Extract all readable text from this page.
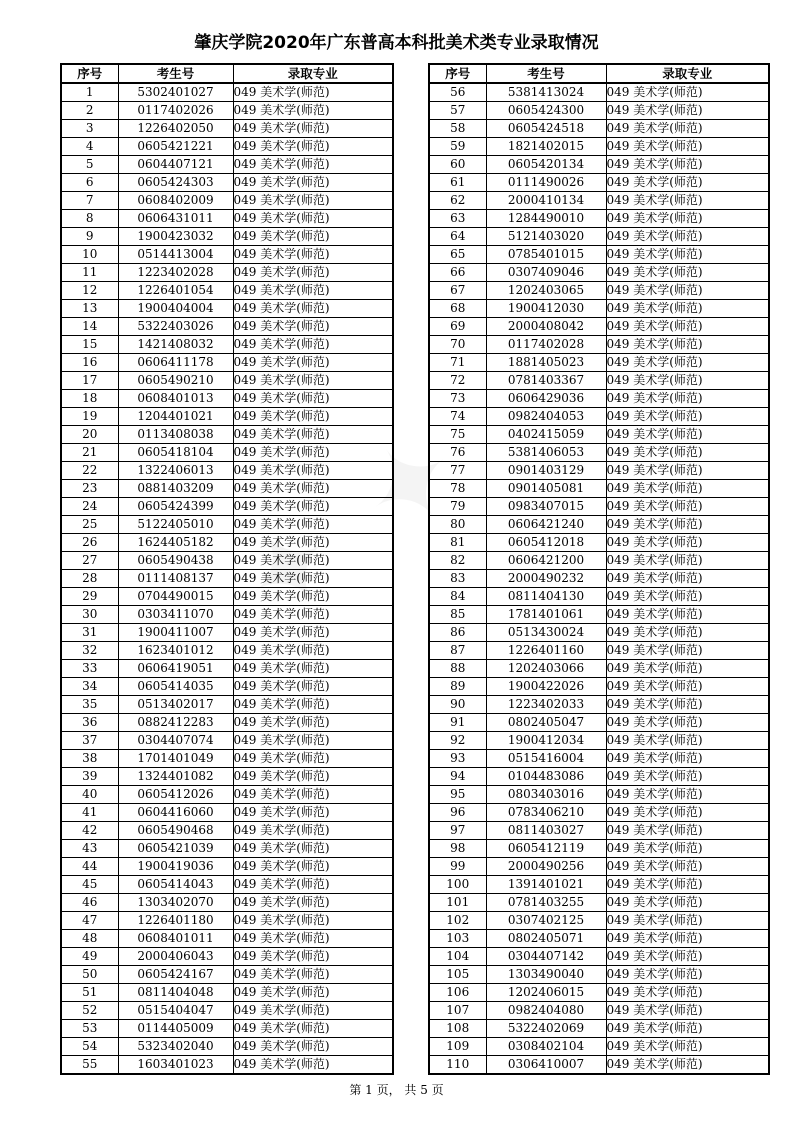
肇庆学院2020年广东普高本科批美术类专业录取情况
序号	考生号	录取专业
1	5302401027	049 美术学(师范)
2	0117402026	049 美术学(师范)
3	1226402050	049 美术学(师范)
4	0605421221	049 美术学(师范)
5	0604407121	049 美术学(师范)
6	0605424303	049 美术学(师范)
7	0608402009	049 美术学(师范)
8	0606431011	049 美术学(师范)
9	1900423032	049 美术学(师范)
10	0514413004	049 美术学(师范)
11	1223402028	049 美术学(师范)
12	1226401054	049 美术学(师范)
13	1900404004	049 美术学(师范)
14	5322403026	049 美术学(师范)
15	1421408032	049 美术学(师范)
16	0606411178	049 美术学(师范)
17	0605490210	049 美术学(师范)
18	0608401013	049 美术学(师范)
19	1204401021	049 美术学(师范)
20	0113408038	049 美术学(师范)
21	0605418104	049 美术学(师范)
22	1322406013	049 美术学(师范)
23	0881403209	049 美术学(师范)
24	0605424399	049 美术学(师范)
25	5122405010	049 美术学(师范)
26	1624405182	049 美术学(师范)
27	0605490438	049 美术学(师范)
28	0111408137	049 美术学(师范)
29	0704490015	049 美术学(师范)
30	0303411070	049 美术学(师范)
31	1900411007	049 美术学(师范)
32	1623401012	049 美术学(师范)
33	0606419051	049 美术学(师范)
34	0605414035	049 美术学(师范)
35	0513402017	049 美术学(师范)
36	0882412283	049 美术学(师范)
37	0304407074	049 美术学(师范)
38	1701401049	049 美术学(师范)
39	1324401082	049 美术学(师范)
40	0605412026	049 美术学(师范)
41	0604416060	049 美术学(师范)
42	0605490468	049 美术学(师范)
43	0605421039	049 美术学(师范)
44	1900419036	049 美术学(师范)
45	0605414043	049 美术学(师范)
46	1303402070	049 美术学(师范)
47	1226401180	049 美术学(师范)
48	0608401011	049 美术学(师范)
49	2000406043	049 美术学(师范)
50	0605424167	049 美术学(师范)
51	0811404048	049 美术学(师范)
52	0515404047	049 美术学(师范)
53	0114405009	049 美术学(师范)
54	5323402040	049 美术学(师范)
55	1603401023	049 美术学(师范)
序号	考生号	录取专业
56	5381413024	049 美术学(师范)
57	0605424300	049 美术学(师范)
58	0605424518	049 美术学(师范)
59	1821402015	049 美术学(师范)
60	0605420134	049 美术学(师范)
61	0111490026	049 美术学(师范)
62	2000410134	049 美术学(师范)
63	1284490010	049 美术学(师范)
64	5121403020	049 美术学(师范)
65	0785401015	049 美术学(师范)
66	0307409046	049 美术学(师范)
67	1202403065	049 美术学(师范)
68	1900412030	049 美术学(师范)
69	2000408042	049 美术学(师范)
70	0117402028	049 美术学(师范)
71	1881405023	049 美术学(师范)
72	0781403367	049 美术学(师范)
73	0606429036	049 美术学(师范)
74	0982404053	049 美术学(师范)
75	0402415059	049 美术学(师范)
76	5381406053	049 美术学(师范)
77	0901403129	049 美术学(师范)
78	0901405081	049 美术学(师范)
79	0983407015	049 美术学(师范)
80	0606421240	049 美术学(师范)
81	0605412018	049 美术学(师范)
82	0606421200	049 美术学(师范)
83	2000490232	049 美术学(师范)
84	0811404130	049 美术学(师范)
85	1781401061	049 美术学(师范)
86	0513430024	049 美术学(师范)
87	1226401160	049 美术学(师范)
88	1202403066	049 美术学(师范)
89	1900422026	049 美术学(师范)
90	1223402033	049 美术学(师范)
91	0802405047	049 美术学(师范)
92	1900412034	049 美术学(师范)
93	0515416004	049 美术学(师范)
94	0104483086	049 美术学(师范)
95	0803403016	049 美术学(师范)
96	0783406210	049 美术学(师范)
97	0811403027	049 美术学(师范)
98	0605412119	049 美术学(师范)
99	2000490256	049 美术学(师范)
100	1391401021	049 美术学(师范)
101	0781403255	049 美术学(师范)
102	0307402125	049 美术学(师范)
103	0802405071	049 美术学(师范)
104	0304407142	049 美术学(师范)
105	1303490040	049 美术学(师范)
106	1202406015	049 美术学(师范)
107	0982404080	049 美术学(师范)
108	5322402069	049 美术学(师范)
109	0308402104	049 美术学(师范)
110	0306410007	049 美术学(师范)
第 1 页， 共 5 页
